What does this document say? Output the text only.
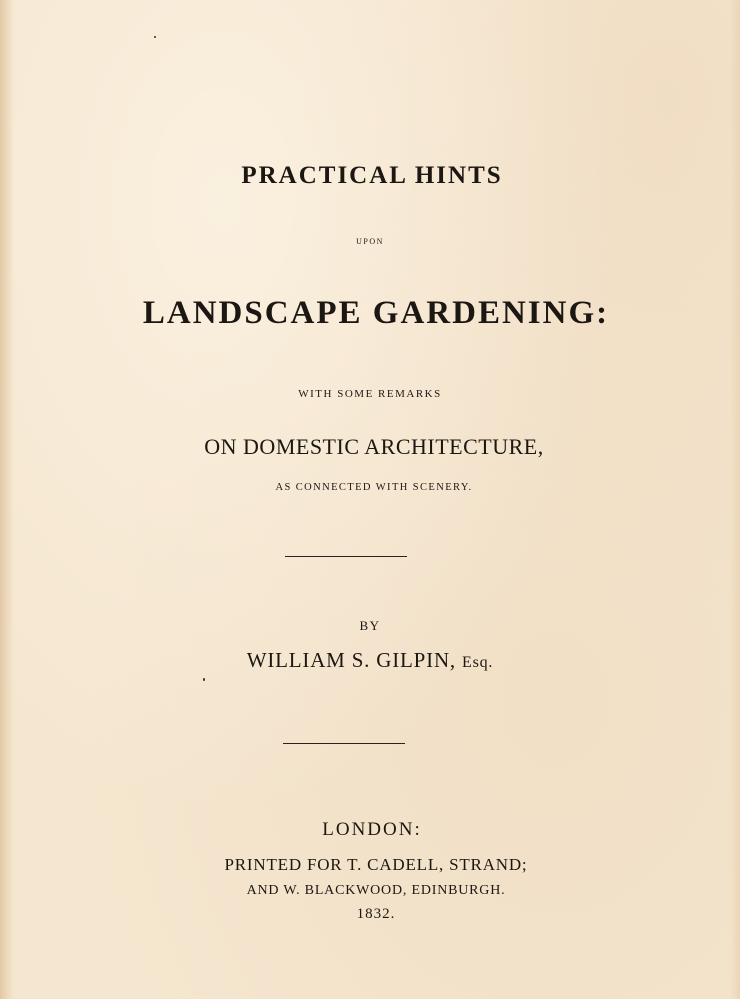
PRACTICAL HINTS

UPON

LANDSCAPE GARDENING:

WITH SOME REMARKS

ON DOMESTIC ARCHITECTURE,

AS CONNECTED WITH SCENERY.

BY

WILLIAM S. GILPIN, Esq.

LONDON:

PRINTED FOR T. CADELL, STRAND;

AND W. BLACKWOOD, EDINBURGH.

1832.
